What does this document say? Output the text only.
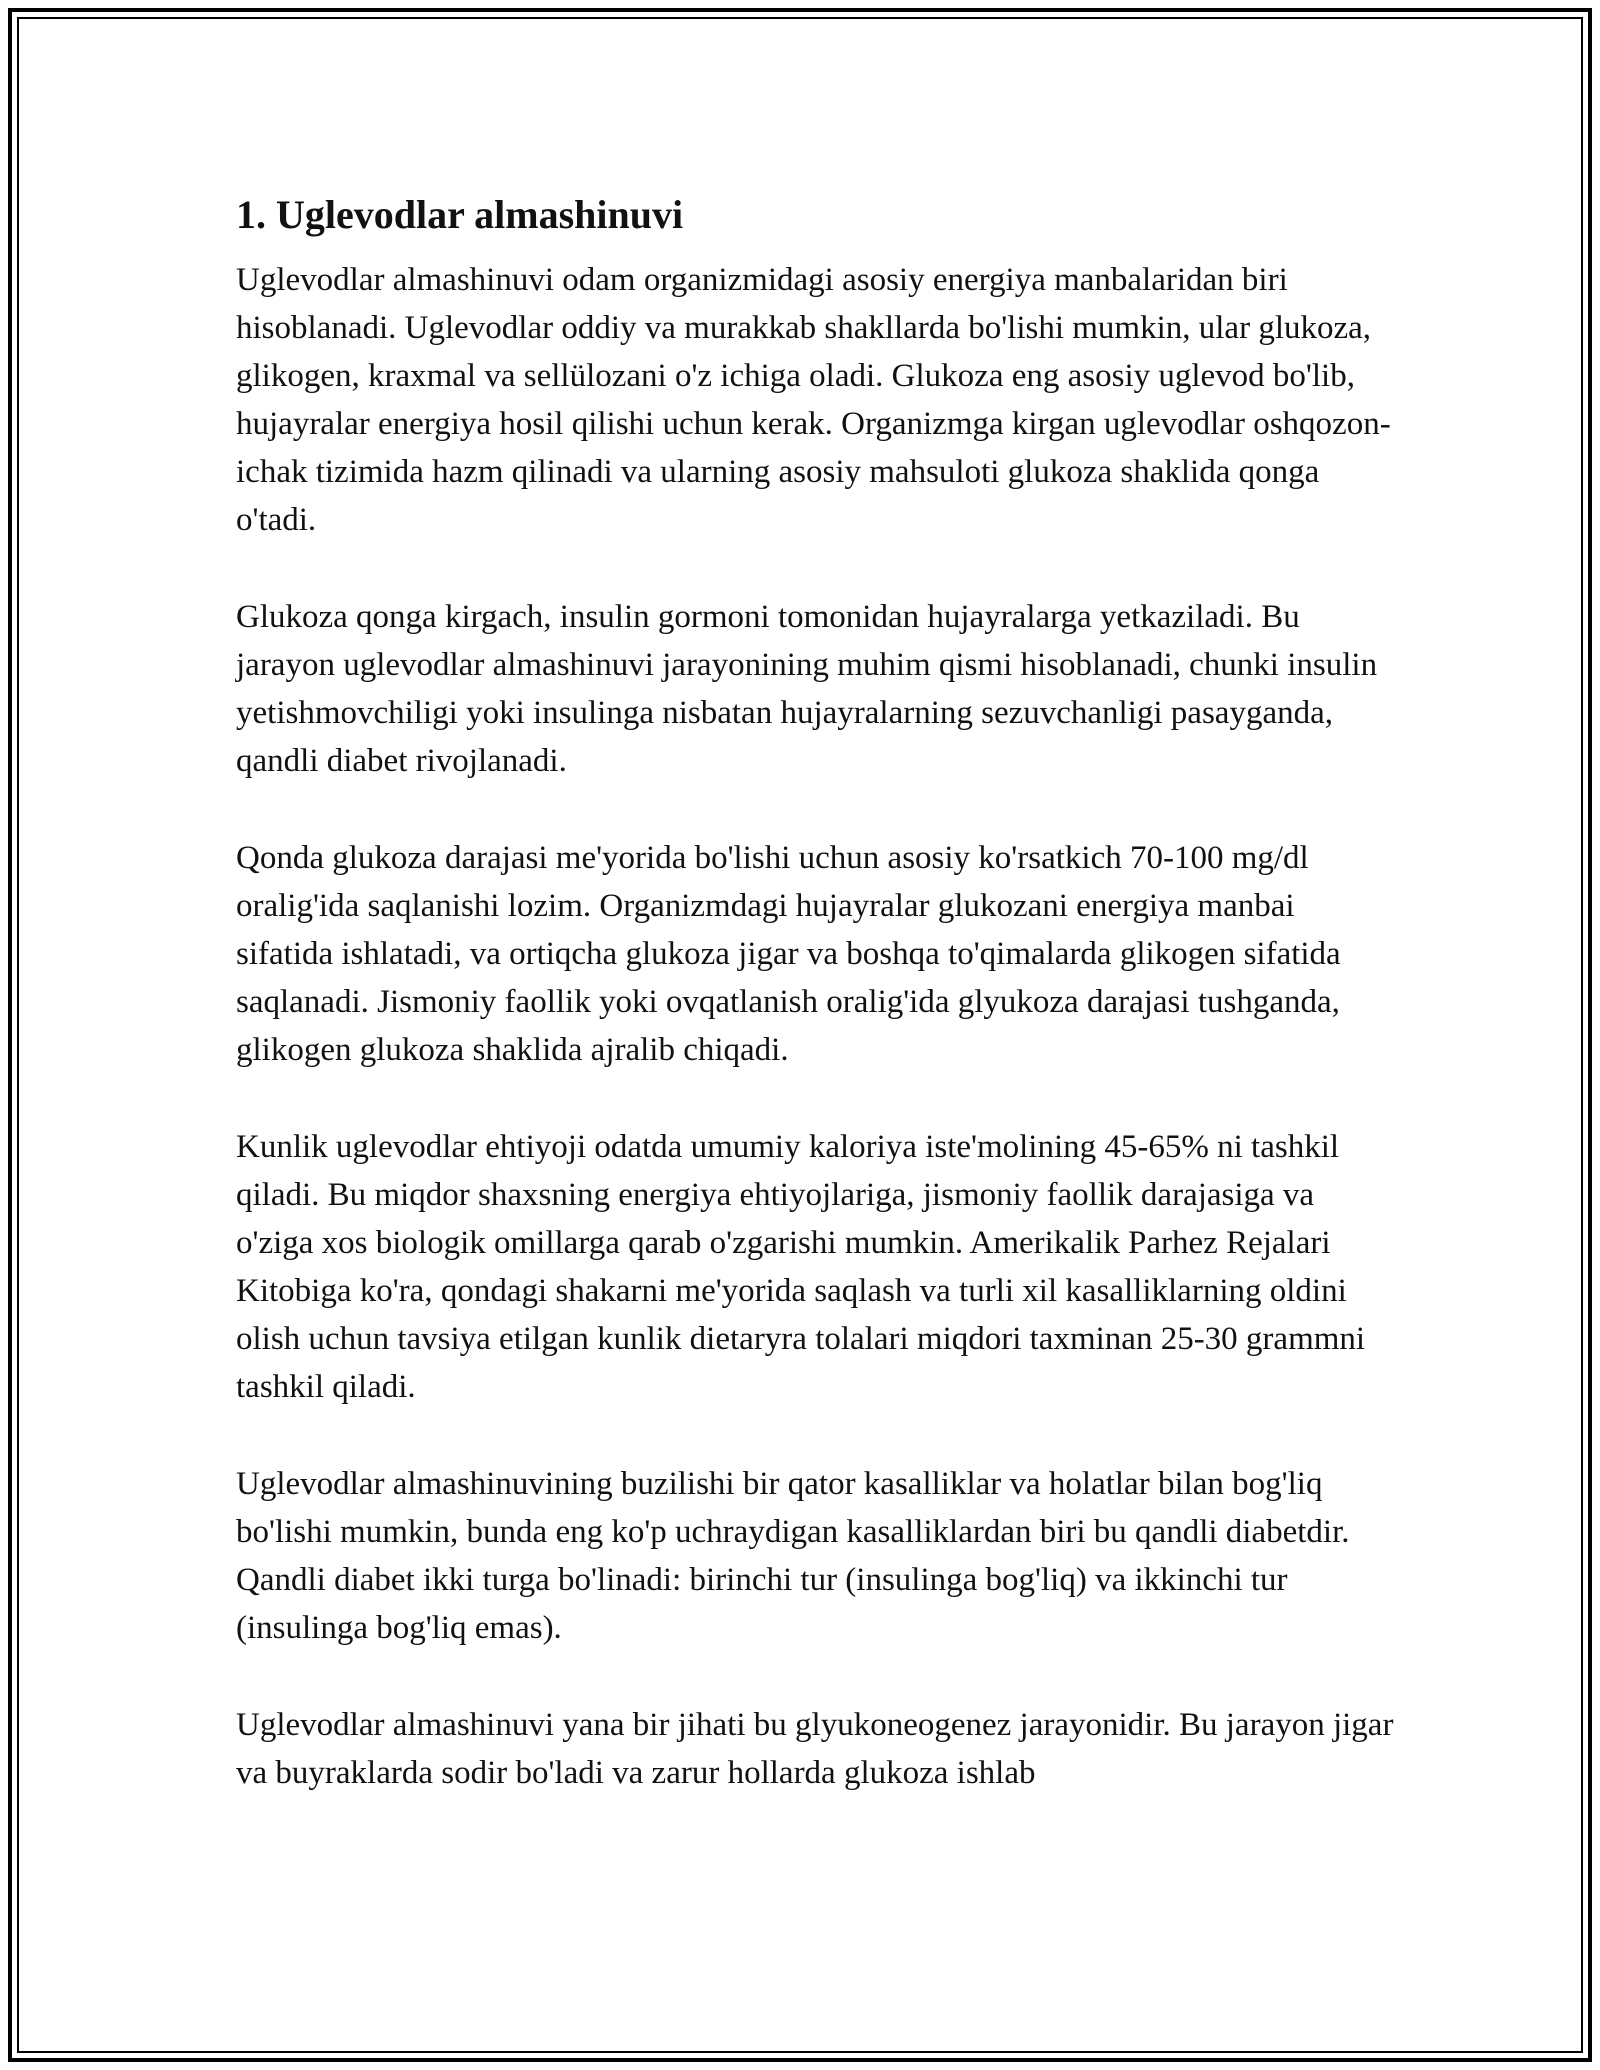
1. Uglevodlar almashinuvi

Uglevodlar almashinuvi odam organizmidagi asosiy energiya manbalaridan biri hisoblanadi. Uglevodlar oddiy va murakkab shakllarda bo'lishi mumkin, ular glukoza, glikogen, kraxmal va sellülozani o'z ichiga oladi. Glukoza eng asosiy uglevod bo'lib, hujayralar energiya hosil qilishi uchun kerak. Organizmga kirgan uglevodlar oshqozon-ichak tizimida hazm qilinadi va ularning asosiy mahsuloti glukoza shaklida qonga o'tadi.

Glukoza qonga kirgach, insulin gormoni tomonidan hujayralarga yetkaziladi. Bu jarayon uglevodlar almashinuvi jarayonining muhim qismi hisoblanadi, chunki insulin yetishmovchiligi yoki insulinga nisbatan hujayralarning sezuvchanligi pasayganda, qandli diabet rivojlanadi.

Qonda glukoza darajasi me'yorida bo'lishi uchun asosiy ko'rsatkich 70-100 mg/dl oralig'ida saqlanishi lozim. Organizmdagi hujayralar glukozani energiya manbai sifatida ishlatadi, va ortiqcha glukoza jigar va boshqa to'qimalarda glikogen sifatida saqlanadi. Jismoniy faollik yoki ovqatlanish oralig'ida glyukoza darajasi tushganda, glikogen glukoza shaklida ajralib chiqadi.

Kunlik uglevodlar ehtiyoji odatda umumiy kaloriya iste'molining 45-65% ni tashkil qiladi. Bu miqdor shaxsning energiya ehtiyojlariga, jismoniy faollik darajasiga va o'ziga xos biologik omillarga qarab o'zgarishi mumkin. Amerikalik Parhez Rejalari Kitobiga ko'ra, qondagi shakarni me'yorida saqlash va turli xil kasalliklarning oldini olish uchun tavsiya etilgan kunlik dietaryra tolalari miqdori taxminan 25-30 grammni tashkil qiladi.

Uglevodlar almashinuvining buzilishi bir qator kasalliklar va holatlar bilan bog'liq bo'lishi mumkin, bunda eng ko'p uchraydigan kasalliklardan biri bu qandli diabetdir. Qandli diabet ikki turga bo'linadi: birinchi tur (insulinga bog'liq) va ikkinchi tur (insulinga bog'liq emas).

Uglevodlar almashinuvi yana bir jihati bu glyukoneogenez jarayonidir. Bu jarayon jigar va buyraklarda sodir bo'ladi va zarur hollarda glukoza ishlab
